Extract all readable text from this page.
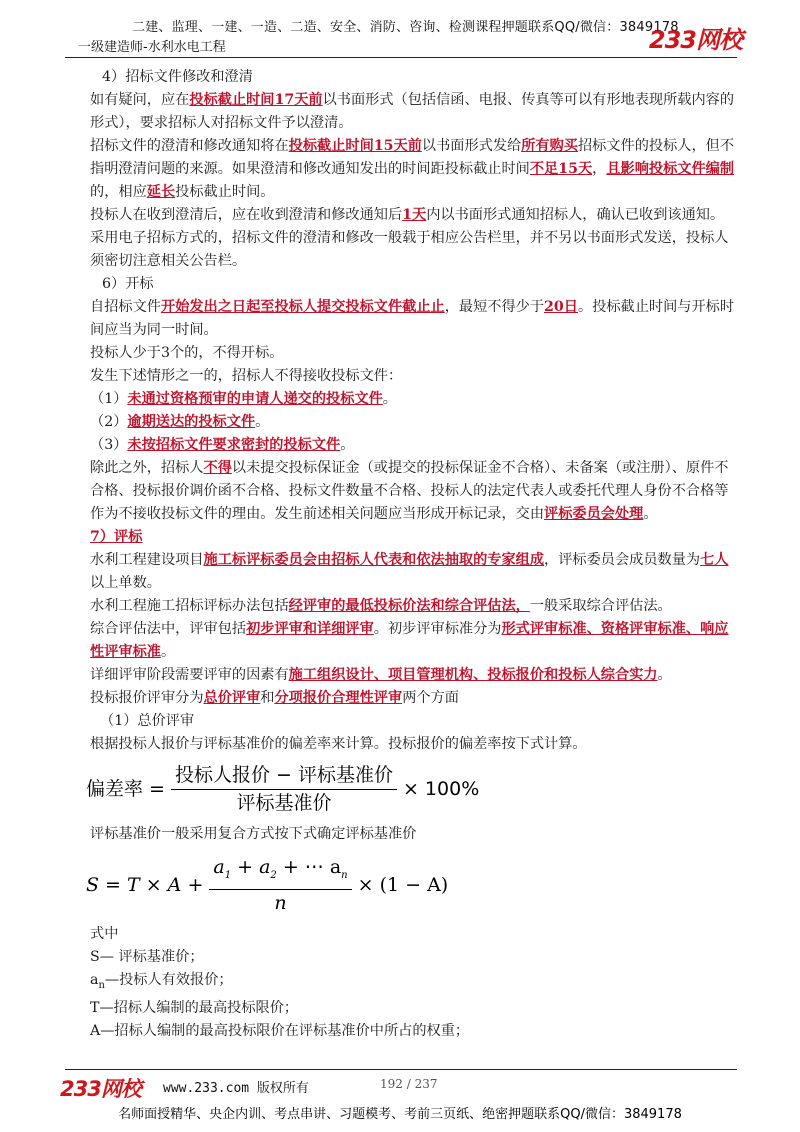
二建、监理、一建、一造、二造、安全、消防、咨询、检测课程押题联系QQ/微信：3849178
一级建造师-水利水电工程	233网校

4）招标文件修改和澄清

如有疑问，应在投标截止时间17天前以书面形式（包括信函、电报、传真等可以有形地表现所载内容的形式），要求招标人对招标文件予以澄清。

招标文件的澄清和修改通知将在投标截止时间15天前以书面形式发给所有购买招标文件的投标人，但不指明澄清问题的来源。如果澄清和修改通知发出的时间距投标截止时间不足15天，且影响投标文件编制的，相应延长投标截止时间。

投标人在收到澄清后，应在收到澄清和修改通知后1天内以书面形式通知招标人，确认已收到该通知。

采用电子招标方式的，招标文件的澄清和修改一般载于相应公告栏里，并不另以书面形式发送，投标人须密切注意相关公告栏。

6）开标

自招标文件开始发出之日起至投标人提交投标文件截止止，最短不得少于20日。投标截止时间与开标时间应当为同一时间。

投标人少于3个的，不得开标。

发生下述情形之一的，招标人不得接收投标文件：

（1）未通过资格预审的申请人递交的投标文件。

（2）逾期送达的投标文件。

（3）未按招标文件要求密封的投标文件。

除此之外，招标人不得以未提交投标保证金（或提交的投标保证金不合格）、未备案（或注册）、原件不合格、投标报价调价函不合格、投标文件数量不合格、投标人的法定代表人或委托代理人身份不合格等作为不接收投标文件的理由。发生前述相关问题应当形成开标记录，交由评标委员会处理。

7）评标

水利工程建设项目施工标评标委员会由招标人代表和依法抽取的专家组成，评标委员会成员数量为七人以上单数。

水利工程施工招标评标办法包括经评审的最低投标价法和综合评估法，一般采取综合评估法。

综合评估法中，评审包括初步评审和详细评审。初步评审标准分为形式评审标准、资格评审标准、响应性评审标准。

详细评审阶段需要评审的因素有施工组织设计、项目管理机构、投标报价和投标人综合实力。

投标报价评审分为总价评审和分项报价合理性评审两个方面

（1）总价评审

根据投标人报价与评标基准价的偏差率来计算。投标报价的偏差率按下式计算。

偏差率 = $\frac{\text{投标人报价 − 评标基准价}}{\text{评标基准价}} \times 100\%$

评标基准价一般采用复合方式按下式确定评标基准价

$S = T \times A + \frac{a_1 + a_2 + \cdots a_n}{n} \times (1 - A)$

式中

S— 评标基准价；

$a_n—$投标人有效报价；

T—招标人编制的最高投标限价；

A—招标人编制的最高投标限价在评标基准价中所占的权重；

233网校 www.233.com 版权所有	192 / 237
名师面授精华、央企内训、考点串讲、习题模考、考前三页纸、绝密押题联系QQ/微信：3849178
